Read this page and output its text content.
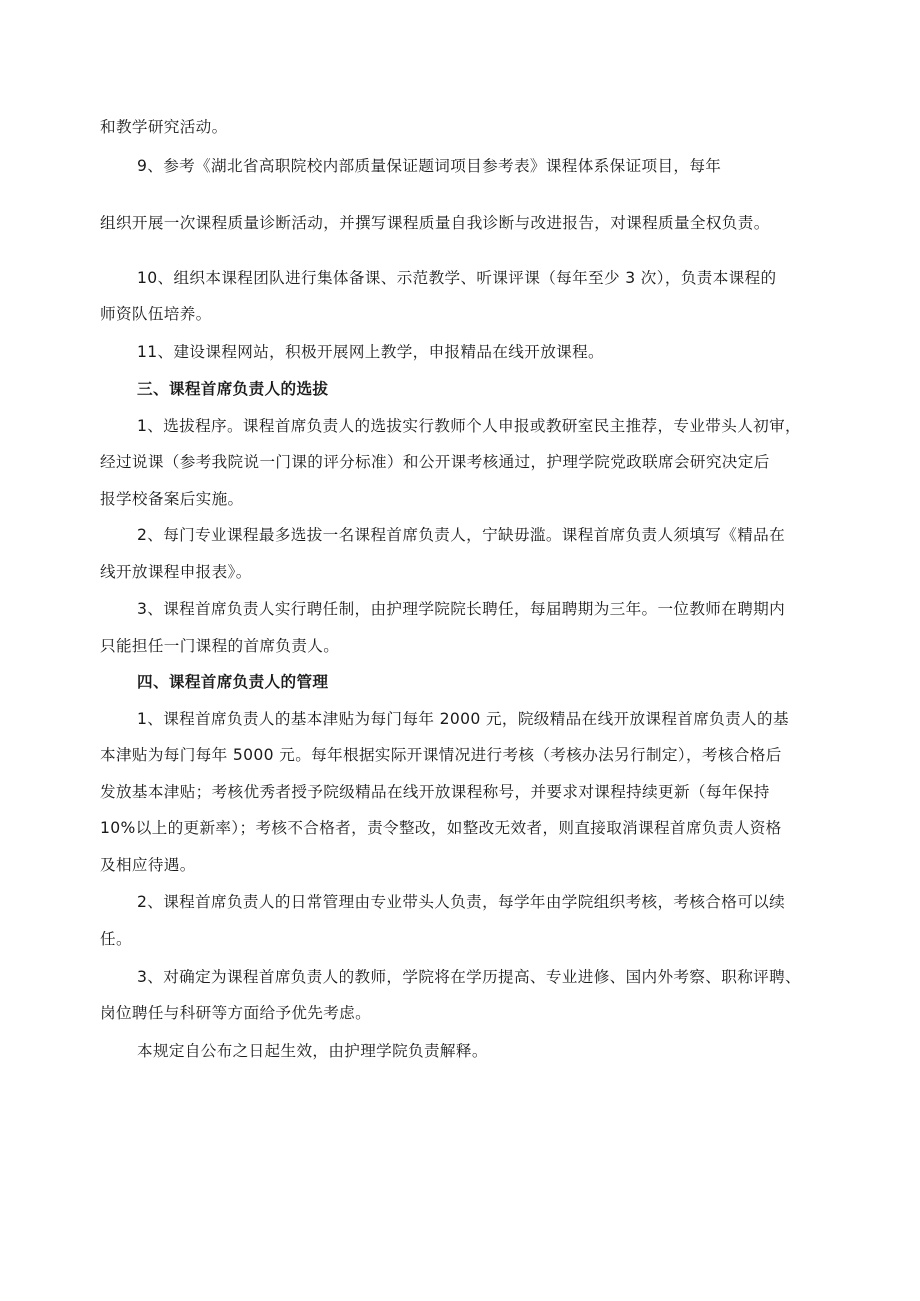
和教学研究活动。
9、参考《湖北省高职院校内部质量保证题词项目参考表》课程体系保证项目，每年
组织开展一次课程质量诊断活动，并撰写课程质量自我诊断与改进报告，对课程质量全权负责。
10、组织本课程团队进行集体备课、示范教学、听课评课（每年至少 3 次），负责本课程的
师资队伍培养。
11、建设课程网站，积极开展网上教学，申报精品在线开放课程。
三、课程首席负责人的选拔
1、选拔程序。课程首席负责人的选拔实行教师个人申报或教研室民主推荐，专业带头人初审，
经过说课（参考我院说一门课的评分标准）和公开课考核通过，护理学院党政联席会研究决定后
报学校备案后实施。
2、每门专业课程最多选拔一名课程首席负责人，宁缺毋滥。课程首席负责人须填写《精品在
线开放课程申报表》。
3、课程首席负责人实行聘任制，由护理学院院长聘任，每届聘期为三年。一位教师在聘期内
只能担任一门课程的首席负责人。
四、课程首席负责人的管理
1、课程首席负责人的基本津贴为每门每年 2000 元，院级精品在线开放课程首席负责人的基
本津贴为每门每年 5000 元。每年根据实际开课情况进行考核（考核办法另行制定），考核合格后
发放基本津贴；考核优秀者授予院级精品在线开放课程称号，并要求对课程持续更新（每年保持
10%以上的更新率）；考核不合格者，责令整改，如整改无效者，则直接取消课程首席负责人资格
及相应待遇。
2、课程首席负责人的日常管理由专业带头人负责，每学年由学院组织考核，考核合格可以续
任。
3、对确定为课程首席负责人的教师，学院将在学历提高、专业进修、国内外考察、职称评聘、
岗位聘任与科研等方面给予优先考虑。
本规定自公布之日起生效，由护理学院负责解释。
